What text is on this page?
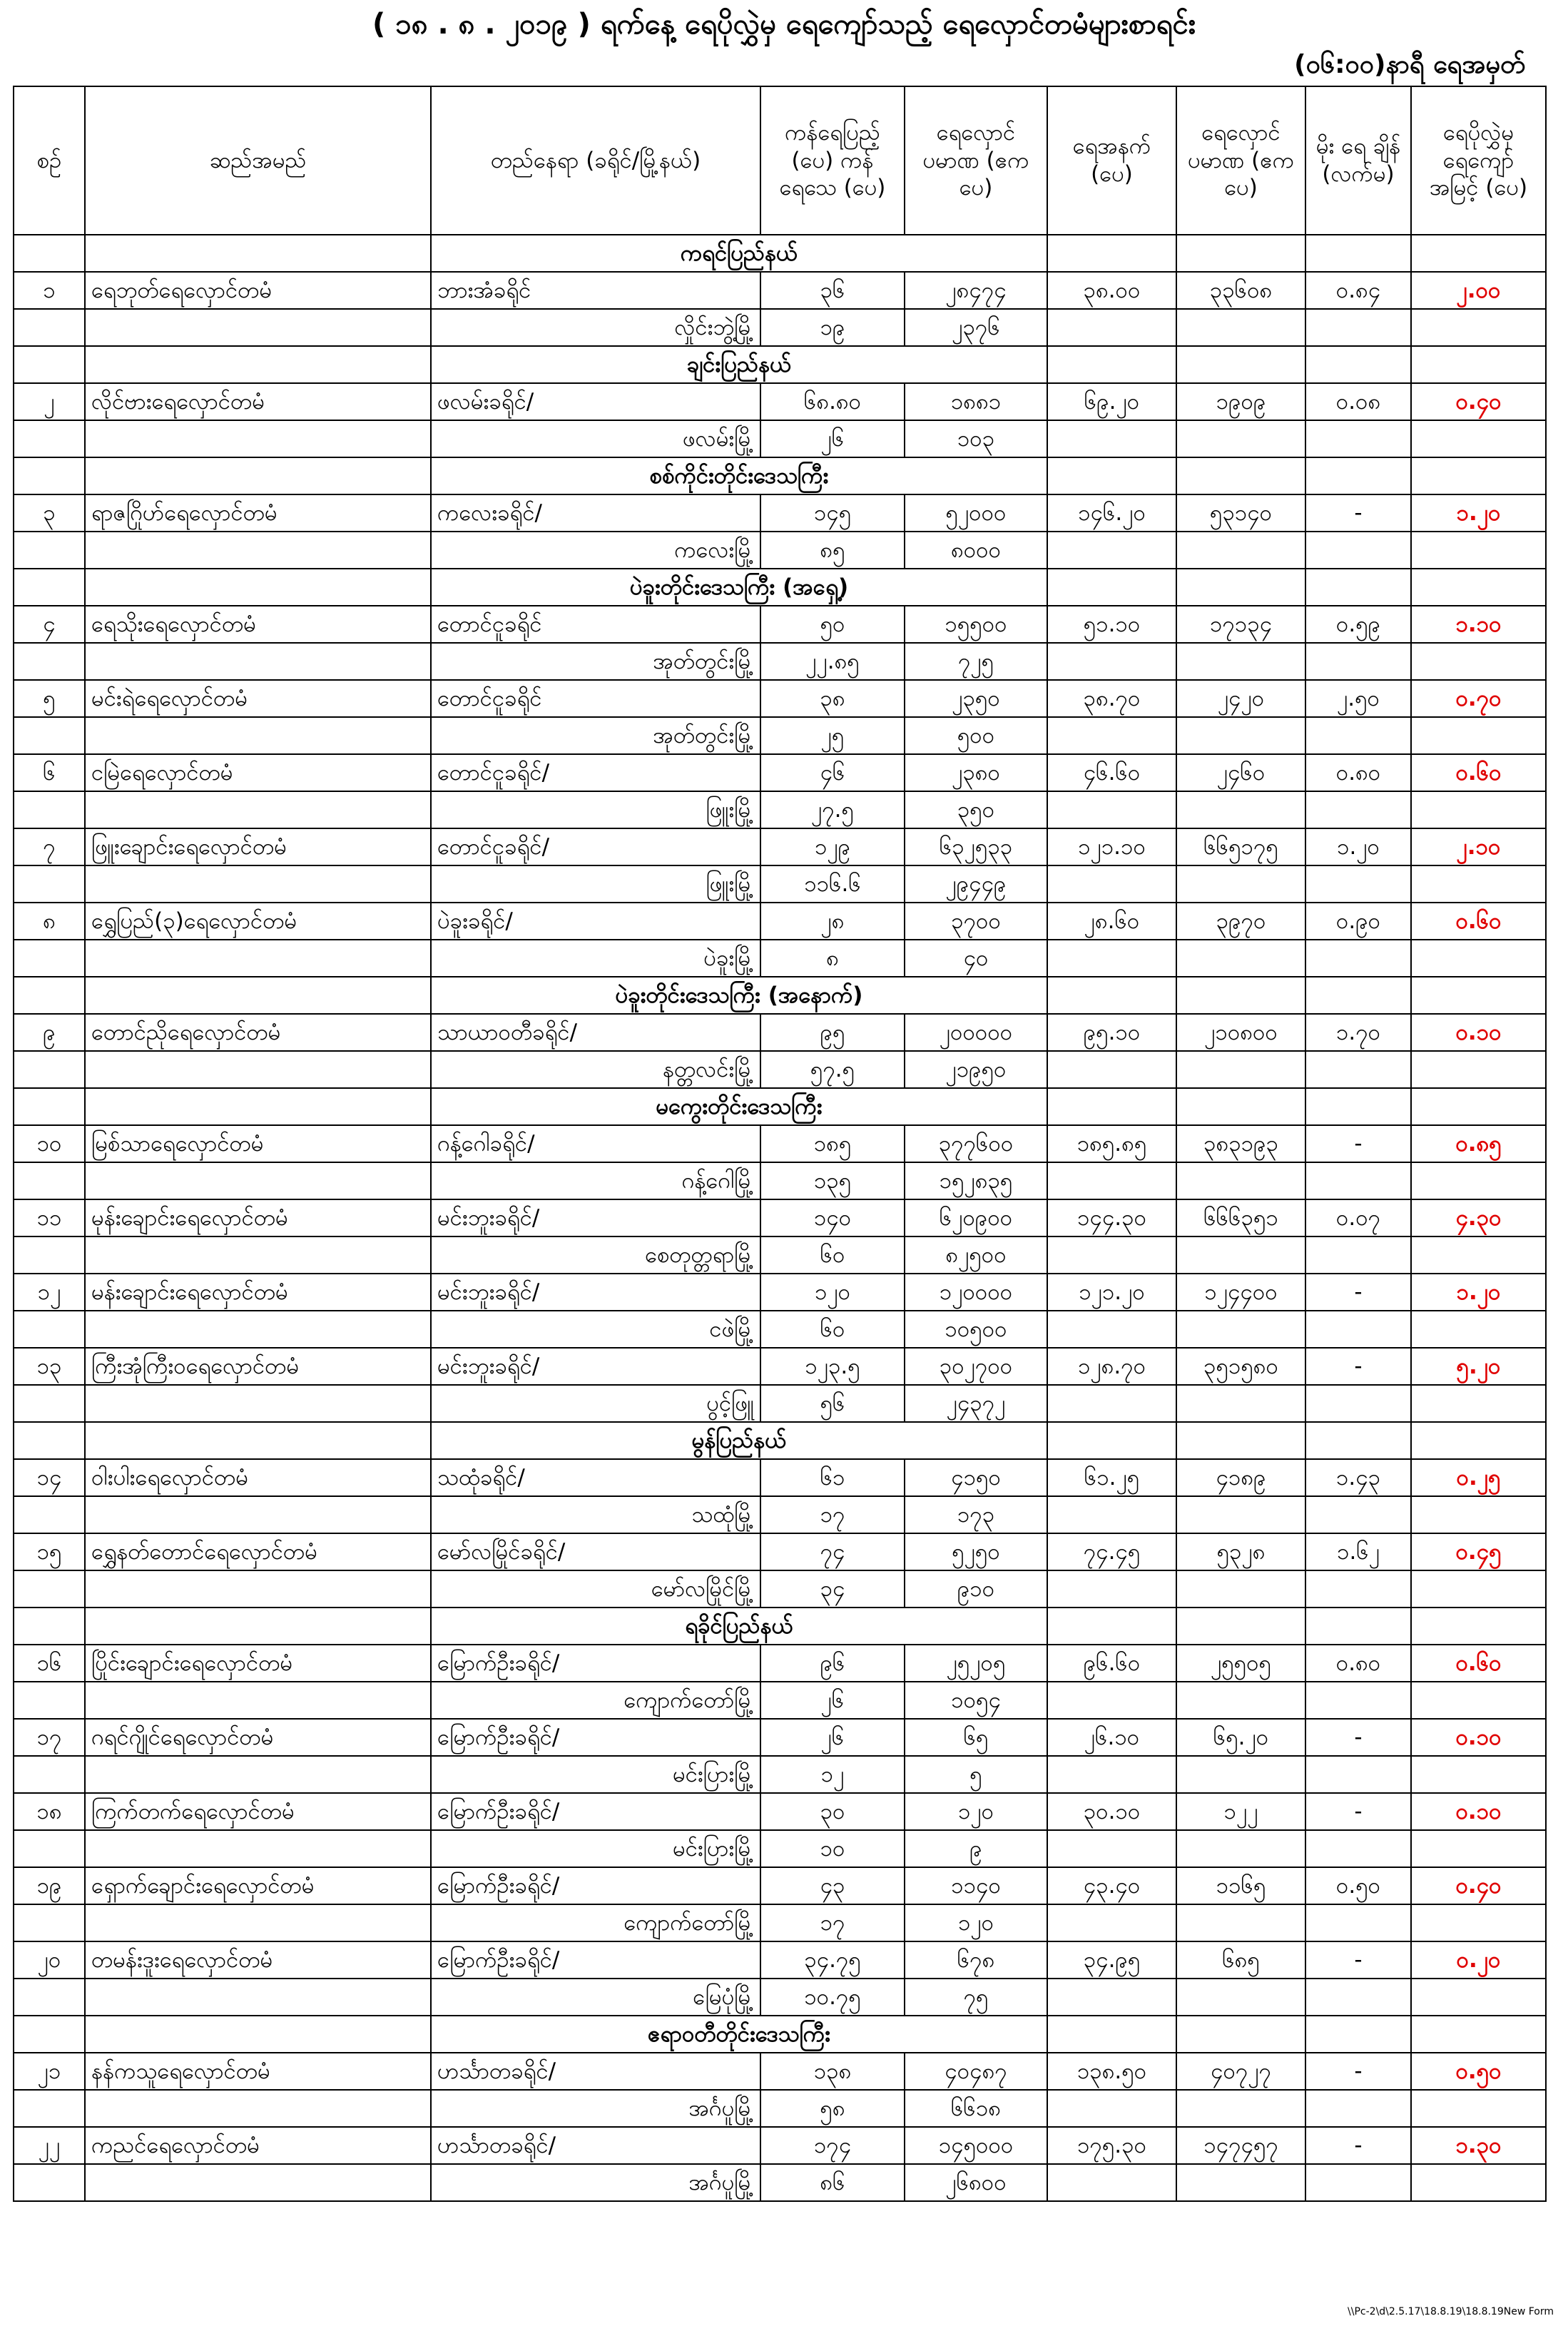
( ၁၈ . ၈ . ၂၀၁၉ ) ရက်နေ့ ရေပိုလွှဲမှ ရေကျော်သည့် ရေလှောင်တမံများစာရင်း
(၀၆:၀၀)နာရီ ရေအမှတ်
စဉ်	ဆည်အမည်	တည်နေရာ (ခရိုင်/မြို့နယ်)	ကန်ရေပြည့် (ပေ) ကန်ရေသေ (ပေ)	ရေလှောင် ပမာဏ (ဧကပေ)	ရေအနက် (ပေ)	ရေလှောင် ပမာဏ (ဧကပေ)	မိုး ရေ ချိန် (လက်မ)	ရေပိုလွှဲမှ ရေကျော် အမြင့် (ပေ)
		ကရင်ပြည်နယ်						
၁	ရေဘုတ်ရေလှောင်တမံ	ဘားအံခရိုင်	၃၆	၂၈၄၇၄	၃၈.၀၀	၃၃၆၀၈	၀.၈၄	၂.၀၀
		လှိုင်းဘွဲ့မြို့	၁၉	၂၃၇၆				
		ချင်းပြည်နယ်						
၂	လိုင်ဗားရေလှောင်တမံ	ဖလမ်းခရိုင်/	၆၈.၈၀	၁၈၈၁	၆၉.၂၀	၁၉၀၉	၀.၀၈	၀.၄၀
		ဖလမ်းမြို့	၂၆	၁၀၃				
		စစ်ကိုင်းတိုင်းဒေသကြီး						
၃	ရာဇဂြိုဟ်ရေလှောင်တမံ	ကလေးခရိုင်/	၁၄၅	၅၂၀၀၀	၁၄၆.၂၀	၅၃၁၄၀	-	၁.၂၀
		ကလေးမြို့	၈၅	၈၀၀၀				
		ပဲခူးတိုင်းဒေသကြီး (အရှေ့)						
၄	ရေသိုးရေလှောင်တမံ	တောင်ငူခရိုင်	၅၀	၁၅၅၀၀	၅၁.၁၀	၁၇၁၃၄	၀.၅၉	၁.၁၀
		အုတ်တွင်းမြို့	၂၂.၈၅	၇၂၅				
၅	မင်းရဲရေလှောင်တမံ	တောင်ငူခရိုင်	၃၈	၂၃၅၀	၃၈.၇၀	၂၄၂၀	၂.၅၀	၀.၇၀
		အုတ်တွင်းမြို့	၂၅	၅၀၀				
၆	ငမြဲရေလှောင်တမံ	တောင်ငူခရိုင်/	၄၆	၂၃၈၀	၄၆.၆၀	၂၄၆၀	၀.၈၀	၀.၆၀
		ဖြူးမြို့	၂၇.၅	၃၅၀				
၇	ဖြူးချောင်းရေလှောင်တမံ	တောင်ငူခရိုင်/	၁၂၉	၆၃၂၅၃၃	၁၂၁.၁၀	၆၆၅၁၇၅	၁.၂၀	၂.၁၀
		ဖြူးမြို့	၁၁၆.၆	၂၉၄၄၉				
၈	ရွှေပြည်(၃)ရေလှောင်တမံ	ပဲခူးခရိုင်/	၂၈	၃၇၀၀	၂၈.၆၀	၃၉၇၀	၀.၉၀	၀.၆၀
		ပဲခူးမြို့	၈	၄၀				
		ပဲခူးတိုင်းဒေသကြီး (အနောက်)						
၉	တောင်ညိုရေလှောင်တမံ	သာယာဝတီခရိုင်/	၉၅	၂၀၀၀၀၀	၉၅.၁၀	၂၁၀၈၀၀	၁.၇၀	၀.၁၀
		နတ္တလင်းမြို့	၅၇.၅	၂၁၉၅၀				
		မကွေးတိုင်းဒေသကြီး						
၁၀	မြစ်သာရေလှောင်တမံ	ဂန့်ဂေါခရိုင်/	၁၈၅	၃၇၇၆၀၀	၁၈၅.၈၅	၃၈၃၁၉၃	-	၀.၈၅
		ဂန့်ဂေါမြို့	၁၃၅	၁၅၂၈၃၅				
၁၁	မုန်းချောင်းရေလှောင်တမံ	မင်းဘူးခရိုင်/	၁၄၀	၆၂၀၉၀၀	၁၄၄.၃၀	၆၆၆၃၅၁	၀.၀၇	၄.၃၀
		စေတုတ္တရာမြို့	၆၀	၈၂၅၀၀				
၁၂	မန်းချောင်းရေလှောင်တမံ	မင်းဘူးခရိုင်/	၁၂၀	၁၂၀၀၀၀	၁၂၁.၂၀	၁၂၄၄၀၀	-	၁.၂၀
		ငဖဲမြို့	၆၀	၁၀၅၀၀				
၁၃	ကြီးအုံကြီးဝရေလှောင်တမံ	မင်းဘူးခရိုင်/	၁၂၃.၅	၃၀၂၇၀၀	၁၂၈.၇၀	၃၅၁၅၈၀	-	၅.၂၀
		ပွင့်ဖြူ	၅၆	၂၄၃၇၂				
		မွန်ပြည်နယ်						
၁၄	ဝါးပါးရေလှောင်တမံ	သထုံခရိုင်/	၆၁	၄၁၅၀	၆၁.၂၅	၄၁၈၉	၁.၄၃	၀.၂၅
		သထုံမြို့	၁၇	၁၇၃				
၁၅	ရွှေနတ်တောင်ရေလှောင်တမံ	မော်လမြိုင်ခရိုင်/	၇၄	၅၂၅၀	၇၄.၄၅	၅၃၂၈	၁.၆၂	၀.၄၅
		မော်လမြိုင်မြို့	၃၄	၉၁၀				
		ရခိုင်ပြည်နယ်						
၁၆	ပြိုင်းချောင်းရေလှောင်တမံ	မြောက်ဦးခရိုင်/	၉၆	၂၅၂၀၅	၉၆.၆၀	၂၅၅၀၅	၀.၈၀	၀.၆၀
		ကျောက်တော်မြို့	၂၆	၁၀၅၄				
၁၇	ဂရင်ဂျိုင်ရေလှောင်တမံ	မြောက်ဦးခရိုင်/	၂၆	၆၅	၂၆.၁၀	၆၅.၂၀	-	၀.၁၀
		မင်းပြားမြို့	၁၂	၅				
၁၈	ကြက်တက်ရေလှောင်တမံ	မြောက်ဦးခရိုင်/	၃၀	၁၂၀	၃၀.၁၀	၁၂၂	-	၀.၁၀
		မင်းပြားမြို့	၁၀	၉				
၁၉	ရှောက်ချောင်းရေလှောင်တမံ	မြောက်ဦးခရိုင်/	၄၃	၁၁၄၀	၄၃.၄၀	၁၁၆၅	၀.၅၀	၀.၄၀
		ကျောက်တော်မြို့	၁၇	၁၂၀				
၂၀	တမန်းဒူးရေလှောင်တမံ	မြောက်ဦးခရိုင်/	၃၄.၇၅	၆၇၈	၃၄.၉၅	၆၈၅	-	၀.၂၀
		မြေပုံမြို့	၁၀.၇၅	၇၅				
		ဧရာဝတီတိုင်းဒေသကြီး						
၂၁	နန်ကသူရေလှောင်တမံ	ဟင်္သာတခရိုင်/	၁၃၈	၄၀၄၈၇	၁၃၈.၅၀	၄၀၇၂၇	-	၀.၅၀
		အင်္ဂပူမြို့	၅၈	၆၆၁၈				
၂၂	ကညင်ရေလှောင်တမံ	ဟင်္သာတခရိုင်/	၁၇၄	၁၄၅၀၀၀	၁၇၅.၃၀	၁၄၇၄၅၇	-	၁.၃၀
		အင်္ဂပူမြို့	၈၆	၂၆၈၀၀				
\\Pc-2\d\2.5.17\18.8.19\18.8.19New Form
